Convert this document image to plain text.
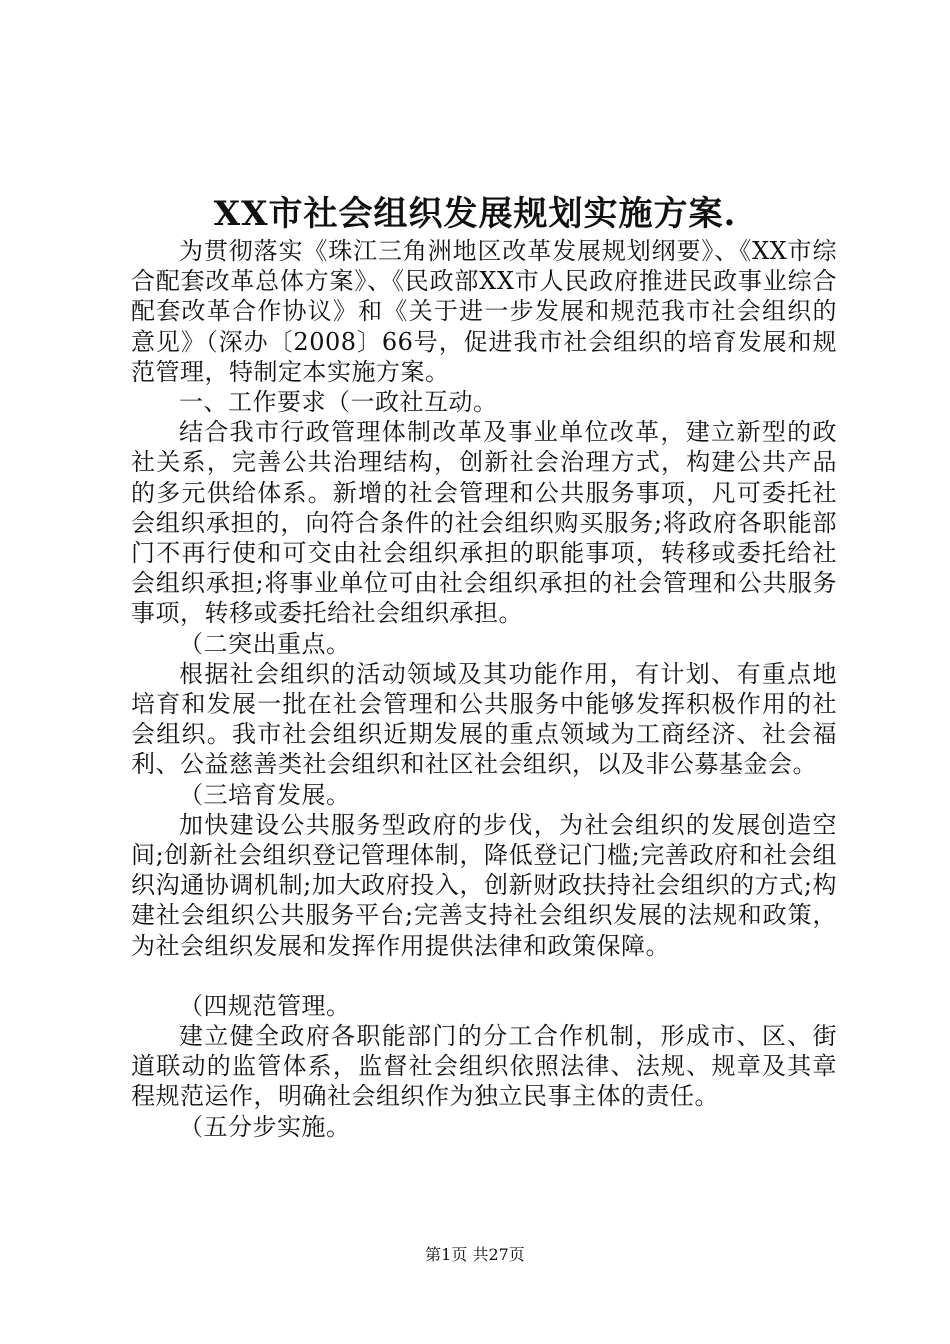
XX市社会组织发展规划实施方案.

为贯彻落实《珠江三角洲地区改革发展规划纲要》、《XX市综合配套改革总体方案》、《民政部XX市人民政府推进民政事业综合配套改革合作协议》和《关于进一步发展和规范我市社会组织的意见》（深办〔2008〕66号，促进我市社会组织的培育发展和规范管理，特制定本实施方案。

一、工作要求（一政社互动。

结合我市行政管理体制改革及事业单位改革，建立新型的政社关系，完善公共治理结构，创新社会治理方式，构建公共产品的多元供给体系。新增的社会管理和公共服务事项，凡可委托社会组织承担的，向符合条件的社会组织购买服务;将政府各职能部门不再行使和可交由社会组织承担的职能事项，转移或委托给社会组织承担;将事业单位可由社会组织承担的社会管理和公共服务事项，转移或委托给社会组织承担。

（二突出重点。

根据社会组织的活动领域及其功能作用，有计划、有重点地培育和发展一批在社会管理和公共服务中能够发挥积极作用的社会组织。我市社会组织近期发展的重点领域为工商经济、社会福利、公益慈善类社会组织和社区社会组织，以及非公募基金会。

（三培育发展。

加快建设公共服务型政府的步伐，为社会组织的发展创造空间;创新社会组织登记管理体制，降低登记门槛;完善政府和社会组织沟通协调机制;加大政府投入，创新财政扶持社会组织的方式;构建社会组织公共服务平台;完善支持社会组织发展的法规和政策，为社会组织发展和发挥作用提供法律和政策保障。

（四规范管理。

建立健全政府各职能部门的分工合作机制，形成市、区、街道联动的监管体系，监督社会组织依照法律、法规、规章及其章程规范运作，明确社会组织作为独立民事主体的责任。

（五分步实施。

第1页 共27页
